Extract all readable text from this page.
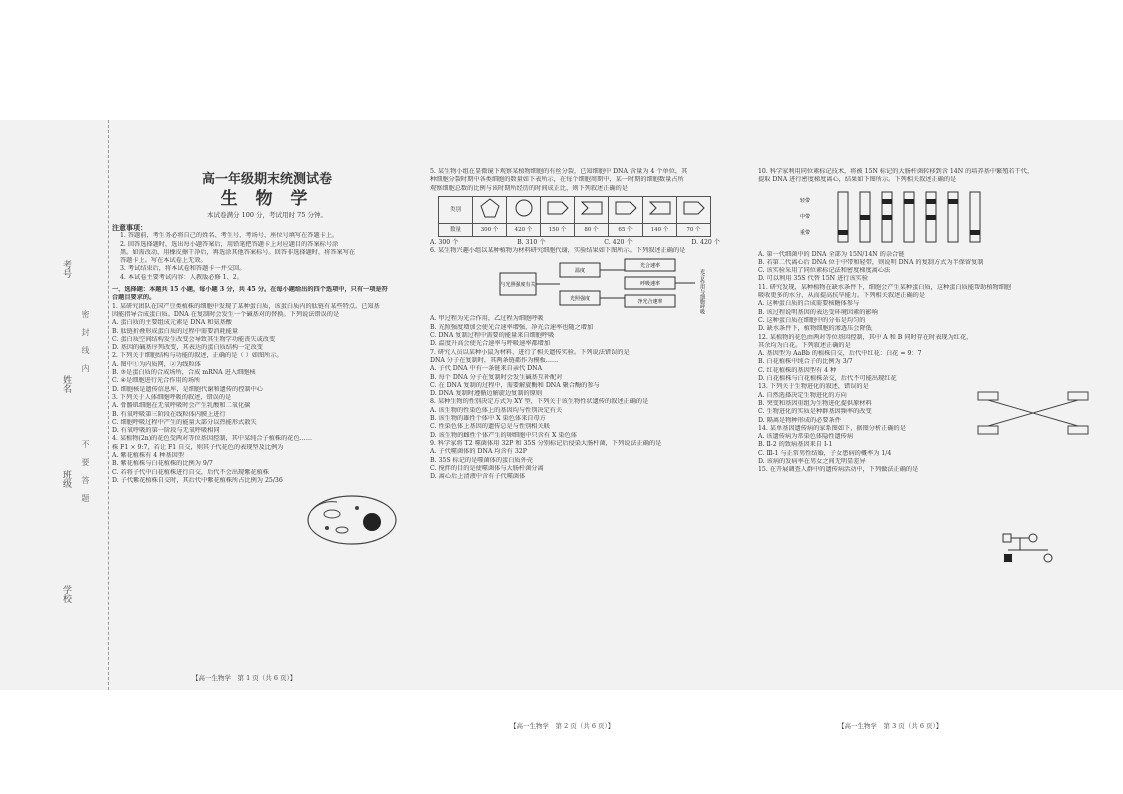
考号
姓名
班级
学校
密封线内
不要答题
高一年级期末统测试卷
生 物 学
本试卷满分 100 分，考试用时 75 分钟。
注意事项：

1. 答题前，考生务必将自己的姓名、考生号、考场号、座位号填写在答题卡上。

2. 回答选择题时，选出每小题答案后，用铅笔把答题卡上对应题目的答案标号涂

黑。如需改动，用橡皮擦干净后，再选涂其他答案标号。回答非选择题时，将答案写在

答题卡上。写在本试卷上无效。

3. 考试结束后，将本试卷和答题卡一并交回。

4. 本试卷主要考试内容：人教版必修 1、2。

一、选择题：本题共 15 小题，每小题 3 分，共 45 分。在每小题给出的四个选项中，只有一项是符

合题目要求的。

1. 某研究团队在国产豆类植株的细胞中发现了某种蛋白质，该蛋白质内的肽链有某些特点。已知基

因能指导合成蛋白质。DNA 在复制时会发生一个碱基对的替换。下列说法错误的是

A. 蛋白质的主要组成元素是 DNA 和氨基酸

B. 肽链折叠形成蛋白质的过程中需要消耗能量

C. 蛋白质空间结构发生改变会导致其生物学功能丧失或改变

D. 基因的碱基序列改变，其表达的蛋白质结构一定改变

2. 下列关于细胞结构与功能的叙述，正确的是（ ）如图所示。

A. 图中①为内质网，②为线粒体

B. ③是蛋白质的合成场所，合成 mRNA 进入细胞核

C. ④是细胞进行光合作用的场所

D. 细胞核是遗传信息库，是细胞代谢和遗传的控制中心

3. 下列关于人体细胞呼吸的叙述，错误的是

A. 骨骼肌细胞在无氧呼吸时会产生乳酸和二氧化碳

B. 有氧呼吸第三阶段在线粒体内膜上进行

C. 细胞呼吸过程中产生的能量大部分以热能形式散失

D. 有氧呼吸的第一阶段与无氧呼吸相同

4. 某植物(2n)的花色受两对等位基因控制，其中某纯合子植株的花色……

株 F1 × 9:7，若让 F1 自交，则其子代花色的表现型及比例为

A. 紫花植株有 4 种基因型

B. 紫花植株与白花植株的比例为 9/7

C. 若将子代中白花植株进行自交，后代不会出现紫花植株

D. 子代紫花植株自交时，其后代中紫花植株所占比例为 25/36

【高一生物学　第 1 页（共 6 页）】

5. 某生物小组在显微镜下观察某植物细胞的有丝分裂，已知细胞中 DNA 含量为 4 个单位，其

种细胞分裂时期中各类细胞的数量如下表所示，在每个细胞周期中，某一时期的细胞数量占所

观察细胞总数的比例与该时期所经历的时间成正比，则下列叙述正确的是

类别							
数量	300 个	420 个	150 个	80 个	65 个	140 个	70 个
A. 300 个	B. 310 个	C. 420 个	D. 420 个

6. 某生物兴趣小组以某种植物为材料研究细胞代谢，实验结果如下图所示。下列叙述正确的是

与光照强度有关
温度
光照强度
光合速率
呼吸速率
净光合速率	光合作用与细胞呼吸

A. 甲过程为光合作用，乙过程为细胞呼吸

B. 光照强度增加会使光合速率增强，净光合速率也随之增加

C. DNA 复制过程中需要的能量来自细胞呼吸

D. 温度升高会使光合速率与呼吸速率都增加

7. 研究人员以某种小鼠为材料，进行了相关遗传实验。下列说法错误的是

DNA 分子在复制时，其两条链都作为模板……

A. 子代 DNA 中有一条链来自亲代 DNA

B. 每个 DNA 分子在复制时会发生碱基互补配对

C. 在 DNA 复制的过程中，需要解旋酶和 DNA 聚合酶的参与

D. DNA 复制时遵循边解旋边复制的原则

8. 某种生物的性别决定方式为 XY 型，下列关于该生物性状遗传的叙述正确的是

A. 该生物的性染色体上的基因均与性别决定有关

B. 该生物的雄性个体中 X 染色体来自母方

C. 性染色体上基因的遗传总是与性别相关联

D. 该生物的雌性个体产生的卵细胞中只含有 X 染色体

9. 科学家将 T2 噬菌体用 32P 和 35S 分别标记后侵染大肠杆菌，下列说法正确的是

A. 子代噬菌体的 DNA 均含有 32P

B. 35S 标记的是噬菌体的蛋白质外壳

C. 搅拌的目的是使噬菌体与大肠杆菌分离

D. 离心后上清液中含有子代噬菌体

【高一生物学　第 2 页（共 6 页）】

10. 科学家利用同位素标记技术，将被 15N 标记的大肠杆菌转移到含 14N 的培养基中繁殖若干代，

提取 DNA 进行密度梯度离心，结果如下图所示。下列相关叙述正确的是

轻带
中带
重带

A. 第一代细菌中的 DNA 全部为 15N/14N 的杂合链

B. 若第二代离心后 DNA 位于中带和轻带，则说明 DNA 的复制方式为半保留复制

C. 该实验采用了同位素标记法和密度梯度离心法

D. 可以利用 35S 代替 15N 进行该实验

11. 研究发现，某种植物在缺水条件下，细胞会产生某种蛋白质，这种蛋白质能帮助植物细胞

吸收更多的水分，从而提高抗旱能力。下列相关叙述正确的是

A. 这种蛋白质的合成需要核糖体参与

B. 该过程说明基因的表达受环境因素的影响

C. 这种蛋白质在细胞中的分布是均匀的

D. 缺水条件下，植物细胞的渗透压会降低

12. 某植物的花色由两对等位基因控制，其中 A 和 B 同时存在时表现为红花，

其余均为白花。下列叙述正确的是

A. 基因型为 AaBb 的植株自交，后代中红花：白花 = 9：7

B. 白花植株中纯合子的比例为 3/7

C. 红花植株的基因型有 4 种

D. 白花植株与白花植株杂交，后代不可能出现红花

13. 下列关于生物进化的叙述，错误的是

A. 自然选择决定生物进化的方向

B. 突变和基因重组为生物进化提供原材料

C. 生物进化的实质是种群基因频率的改变

D. 隔离是物种形成的必要条件

14. 某单基因遗传病的家系图如下，据图分析正确的是

A. 该遗传病为常染色体隐性遗传病

B. Ⅱ-2 的致病基因来自 Ⅰ-1

C. Ⅲ-1 与正常男性结婚，子女患病的概率为 1/4

D. 该病的发病率在男女之间无明显差异

15. 在开展调查人群中的遗传病活动中，下列做法正确的是

【高一生物学　第 3 页（共 6 页）】
